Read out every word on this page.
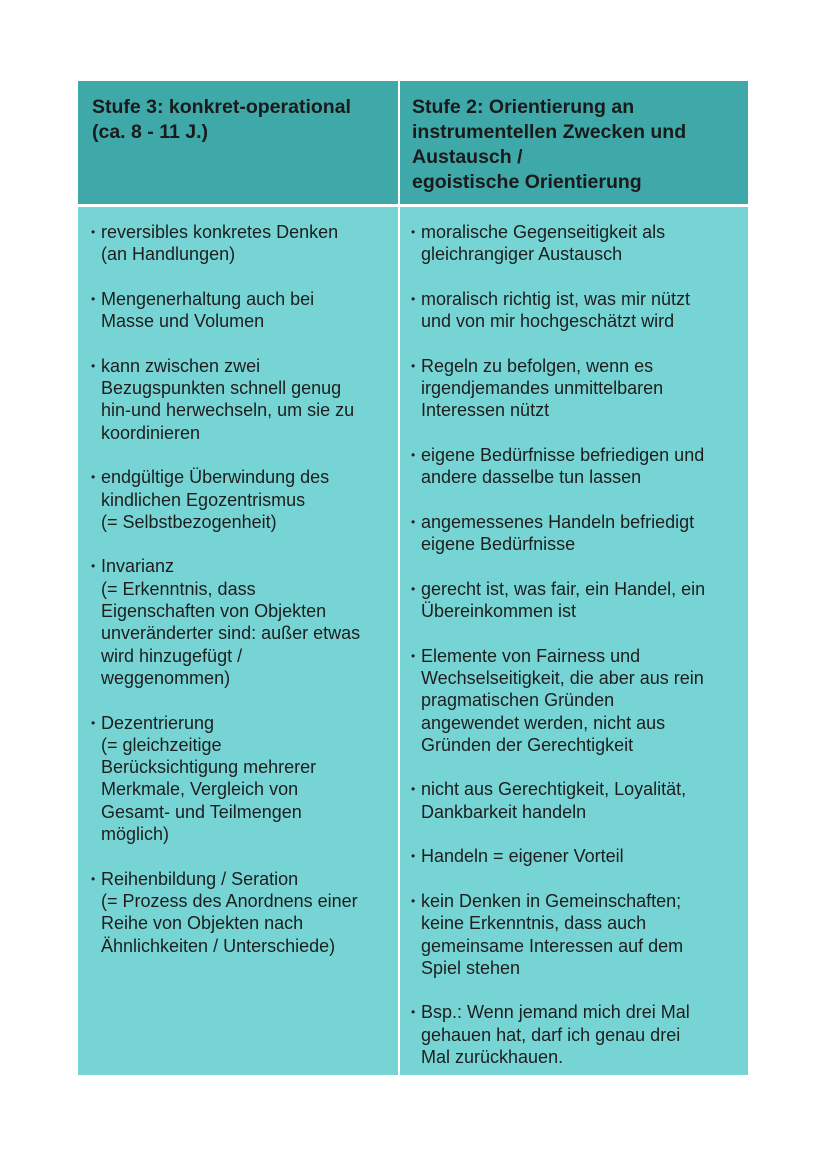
Stufe 3: konkret-operational
(ca. 8 - 11 J.)
Stufe 2: Orientierung an
instrumentellen Zwecken und
Austausch /
egoistische Orientierung
• reversibles konkretes Denken
(an Handlungen)
• Mengenerhaltung auch bei
Masse und Volumen
• kann zwischen zwei
Bezugspunkten schnell genug
hin-und herwechseln, um sie zu
koordinieren
• endgültige Überwindung des
kindlichen Egozentrismus
(= Selbstbezogenheit)
• Invarianz
(= Erkenntnis, dass
Eigenschaften von Objekten
unveränderter sind: außer etwas
wird hinzugefügt /
weggenommen)
• Dezentrierung
(= gleichzeitige
Berücksichtigung mehrerer
Merkmale, Vergleich von
Gesamt- und Teilmengen
möglich)
• Reihenbildung / Seration
(= Prozess des Anordnens einer
Reihe von Objekten nach
Ähnlichkeiten / Unterschiede)
• moralische Gegenseitigkeit als
gleichrangiger Austausch
• moralisch richtig ist, was mir nützt
und von mir hochgeschätzt wird
• Regeln zu befolgen, wenn es
irgendjemandes unmittelbaren
Interessen nützt
• eigene Bedürfnisse befriedigen und
andere dasselbe tun lassen
• angemessenes Handeln befriedigt
eigene Bedürfnisse
• gerecht ist, was fair, ein Handel, ein
Übereinkommen ist
• Elemente von Fairness und
Wechselseitigkeit, die aber aus rein
pragmatischen Gründen
angewendet werden, nicht aus
Gründen der Gerechtigkeit
• nicht aus Gerechtigkeit, Loyalität,
Dankbarkeit handeln
• Handeln = eigener Vorteil
• kein Denken in Gemeinschaften;
keine Erkenntnis, dass auch
gemeinsame Interessen auf dem
Spiel stehen
• Bsp.: Wenn jemand mich drei Mal
gehauen hat, darf ich genau drei
Mal zurückhauen.
